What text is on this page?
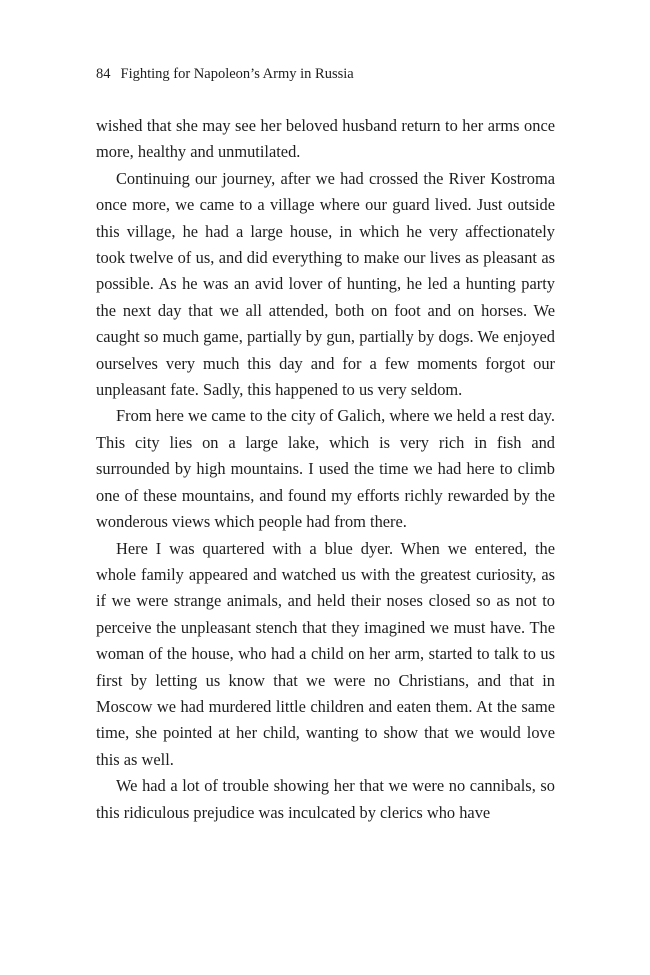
84 Fighting for Napoleon’s Army in Russia

wished that she may see her beloved husband return to her arms once more, healthy and unmutilated.

Continuing our journey, after we had crossed the River Kostroma once more, we came to a village where our guard lived. Just outside this village, he had a large house, in which he very affectionately took twelve of us, and did everything to make our lives as pleasant as possible. As he was an avid lover of hunting, he led a hunting party the next day that we all attended, both on foot and on horses. We caught so much game, partially by gun, partially by dogs. We enjoyed ourselves very much this day and for a few moments forgot our unpleasant fate. Sadly, this happened to us very seldom.

From here we came to the city of Galich, where we held a rest day. This city lies on a large lake, which is very rich in fish and surrounded by high mountains. I used the time we had here to climb one of these mountains, and found my efforts richly rewarded by the wonderous views which people had from there.

Here I was quartered with a blue dyer. When we entered, the whole family appeared and watched us with the greatest curiosity, as if we were strange animals, and held their noses closed so as not to perceive the unpleasant stench that they imagined we must have. The woman of the house, who had a child on her arm, started to talk to us first by letting us know that we were no Christians, and that in Moscow we had murdered little children and eaten them. At the same time, she pointed at her child, wanting to show that we would love this as well.

We had a lot of trouble showing her that we were no cannibals, so this ridiculous prejudice was inculcated by clerics who have
